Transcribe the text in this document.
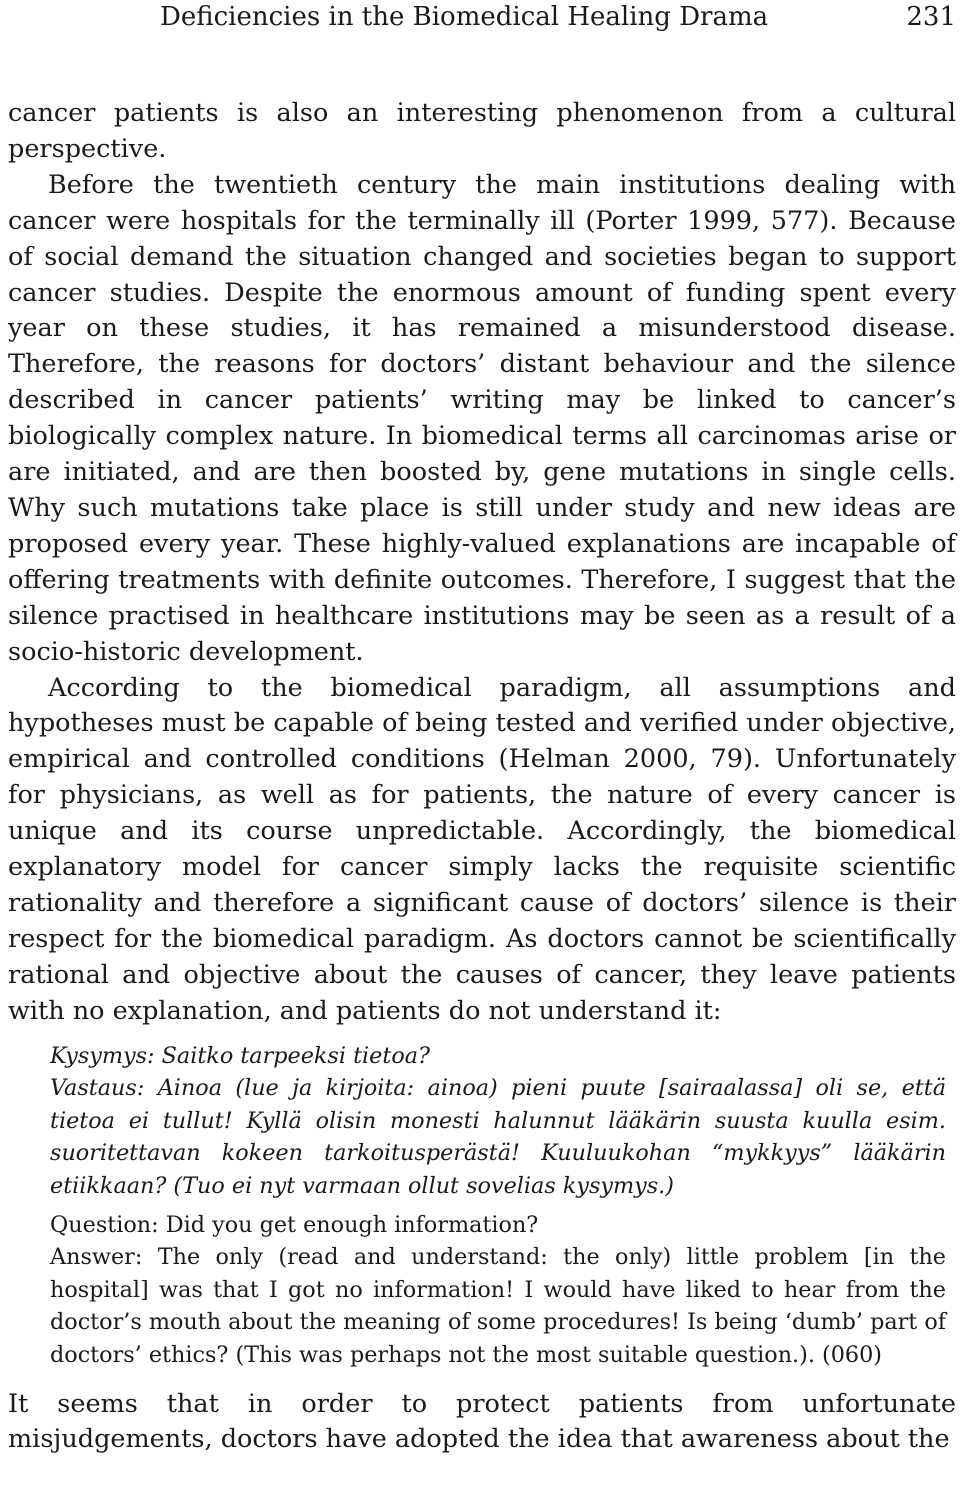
Deficiencies in the Biomedical Healing Drama	231

cancer patients is also an interesting phenomenon from a cultural perspective.

Before the twentieth century the main institutions dealing with cancer were hospitals for the terminally ill (Porter 1999, 577). Because of social demand the situation changed and societies began to support cancer studies. Despite the enormous amount of funding spent every year on these studies, it has remained a misunderstood disease. Therefore, the reasons for doctors’ distant behaviour and the silence described in cancer patients’ writing may be linked to cancer’s biologically complex nature. In biomedical terms all carcinomas arise or are initiated, and are then boosted by, gene mutations in single cells. Why such mutations take place is still under study and new ideas are proposed every year. These highly-valued explanations are incapable of offering treatments with definite outcomes. Therefore, I suggest that the silence practised in healthcare institutions may be seen as a result of a socio-historic development.

According to the biomedical paradigm, all assumptions and hypotheses must be capable of being tested and verified under objective, empirical and controlled conditions (Helman 2000, 79). Unfortunately for physicians, as well as for patients, the nature of every cancer is unique and its course unpredictable. Accordingly, the biomedical explanatory model for cancer simply lacks the requisite scientific rationality and therefore a significant cause of doctors’ silence is their respect for the biomedical paradigm. As doctors cannot be scientifically rational and objective about the causes of cancer, they leave patients with no explanation, and patients do not understand it:

Kysymys: Saitko tarpeeksi tietoa?

Vastaus: Ainoa (lue ja kirjoita: ainoa) pieni puute [sairaalassa] oli se, että tietoa ei tullut! Kyllä olisin monesti halunnut lääkärin suusta kuulla esim. suoritettavan kokeen tarkoitusperästä! Kuuluukohan “mykkyys” lääkärin etiikkaan? (Tuo ei nyt varmaan ollut sovelias kysymys.)

Question: Did you get enough information?

Answer: The only (read and understand: the only) little problem [in the hospital] was that I got no information! I would have liked to hear from the doctor’s mouth about the meaning of some procedures! Is being ‘dumb’ part of doctors’ ethics? (This was perhaps not the most suitable question.). (060)

It seems that in order to protect patients from unfortunate misjudgements, doctors have adopted the idea that awareness about the
